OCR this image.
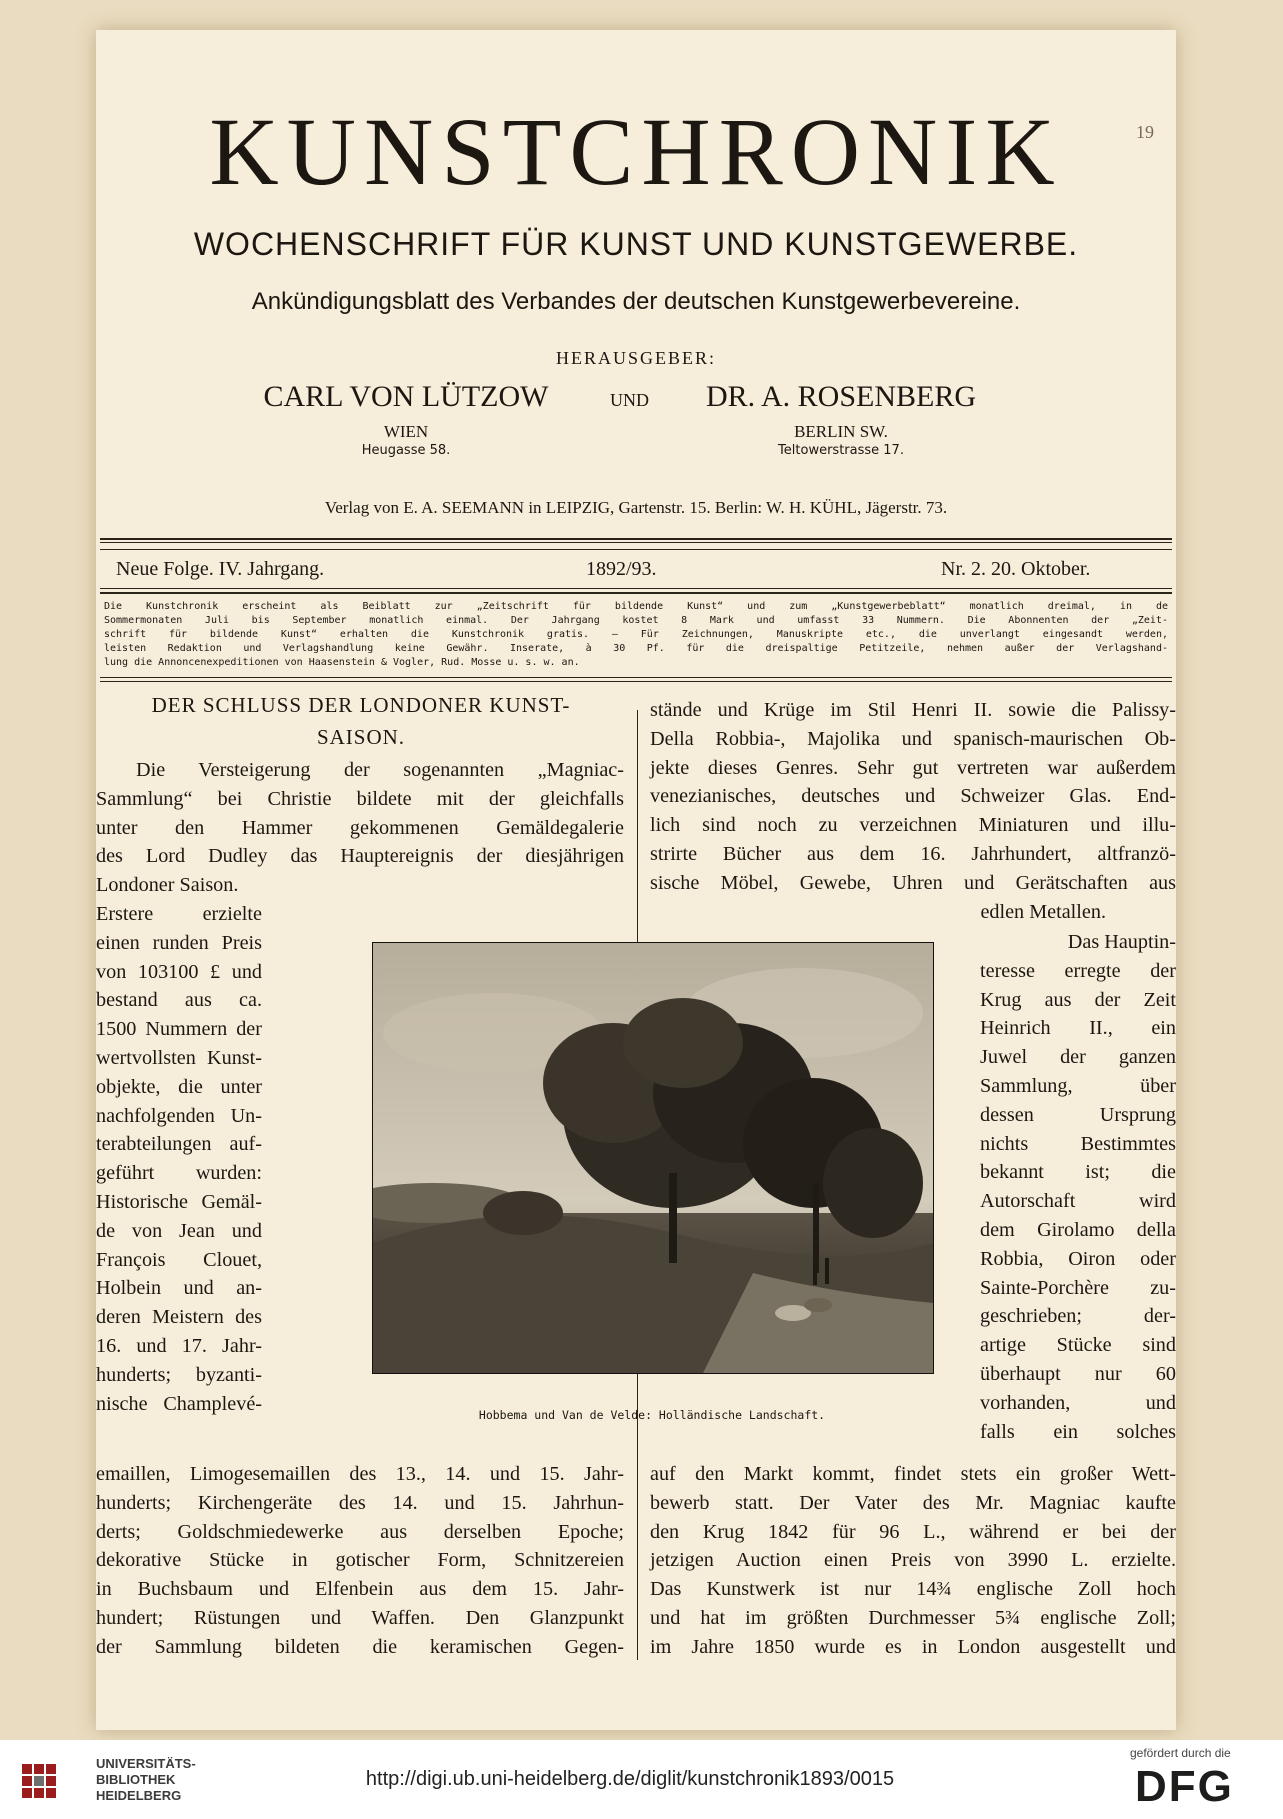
19
KUNSTCHRONIK
WOCHENSCHRIFT FÜR KUNST UND KUNSTGEWERBE.
Ankündigungsblatt des Verbandes der deutschen Kunstgewerbevereine.
HERAUSGEBER:
CARL VON LÜTZOW
WIEN
Heugasse 58.
UND	DR. A. ROSENBERG
BERLIN SW.
Teltowerstrasse 17.
Verlag von E. A. SEEMANN in LEIPZIG, Gartenstr. 15. Berlin: W. H. KÜHL, Jägerstr. 73.
Neue Folge. IV. Jahrgang.	1892/93.	Nr. 2. 20. Oktober.
Die Kunstchronik erscheint als Beiblatt zur „Zeitschrift für bildende Kunst“ und zum „Kunstgewerbeblatt“ monatlich dreimal, in de
Sommermonaten Juli bis September monatlich einmal. Der Jahrgang kostet 8 Mark und umfasst 33 Nummern. Die Abonnenten der „Zeit-
schrift für bildende Kunst“ erhalten die Kunstchronik gratis. — Für Zeichnungen, Manuskripte etc., die unverlangt eingesandt werden,
leisten Redaktion und Verlagshandlung keine Gewähr. Inserate, à 30 Pf. für die dreispaltige Petitzeile, nehmen außer der Verlagshand-
lung die Annoncenexpeditionen von Haasenstein & Vogler, Rud. Mosse u. s. w. an.
DER SCHLUSS DER LONDONER KUNST-
SAISON.
Die Versteigerung der sogenannten „Magniac-
Sammlung“ bei Christie bildete mit der gleichfalls
unter den Hammer gekommenen Gemäldegalerie
des Lord Dudley das Hauptereignis der diesjährigen
Londoner Saison.
Erstere erzielte
einen runden Preis
von 103100 £ und
bestand aus ca.
1500 Nummern der
wertvollsten Kunst-
objekte, die unter
nachfolgenden Un-
terabteilungen auf-
geführt wurden:
Historische Gemäl-
de von Jean und
François Clouet,
Holbein und an-
deren Meistern des
16. und 17. Jahr-
hunderts; byzanti-
nische Champlevé-
emaillen, Limogesemaillen des 13., 14. und 15. Jahr-
hunderts; Kirchengeräte des 14. und 15. Jahrhun-
derts; Goldschmiedewerke aus derselben Epoche;
dekorative Stücke in gotischer Form, Schnitzereien
in Buchsbaum und Elfenbein aus dem 15. Jahr-
hundert; Rüstungen und Waffen. Den Glanzpunkt
der Sammlung bildeten die keramischen Gegen-
stände und Krüge im Stil Henri II. sowie die Palissy-
Della Robbia-, Majolika und spanisch-maurischen Ob-
jekte dieses Genres. Sehr gut vertreten war außerdem
venezianisches, deutsches und Schweizer Glas. End-
lich sind noch zu verzeichnen Miniaturen und illu-
strirte Bücher aus dem 16. Jahrhundert, altfranzö-
sische Möbel, Gewebe, Uhren und Gerätschaften aus
edlen Metallen.
Das Hauptin-
teresse erregte der
Krug aus der Zeit
Heinrich II., ein
Juwel der ganzen
Sammlung, über
dessen Ursprung
nichts Bestimmtes
bekannt ist; die
Autorschaft wird
dem Girolamo della
Robbia, Oiron oder
Sainte-Porchère zu-
geschrieben; der-
artige Stücke sind
überhaupt nur 60
vorhanden, und
falls ein solches
auf den Markt kommt, findet stets ein großer Wett-
bewerb statt. Der Vater des Mr. Magniac kaufte
den Krug 1842 für 96 L., während er bei der
jetzigen Auction einen Preis von 3990 L. erzielte.
Das Kunstwerk ist nur 14¾ englische Zoll hoch
und hat im größten Durchmesser 5¾ englische Zoll;
im Jahre 1850 wurde es in London ausgestellt und
Hobbema und Van de Velde: Holländische Landschaft.
UNIVERSITÄTS-
BIBLIOTHEK
HEIDELBERG
http://digi.ub.uni-heidelberg.de/diglit/kunstchronik1893/0015
gefördert durch die
DFG
